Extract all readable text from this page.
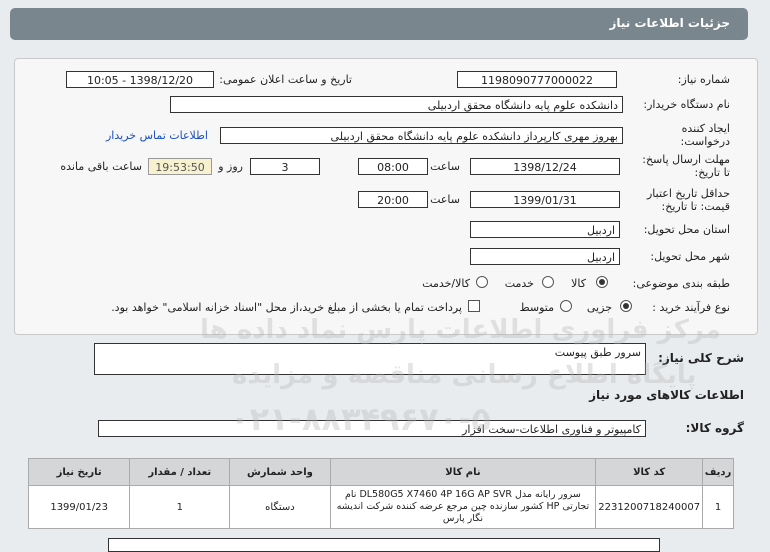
جزئیات اطلاعات نیاز
شماره نیاز:
1198090777000022
تاریخ و ساعت اعلان عمومی:
1398/12/20 - 10:05
نام دستگاه خریدار:
دانشکده علوم پایه دانشگاه محقق اردبیلی
ایجاد کننده
درخواست:
بهروز مهری کارپرداز دانشکده علوم پایه دانشگاه محقق اردبیلی
اطلاعات تماس خریدار
مهلت ارسال پاسخ:
تا تاریخ:
1398/12/24
ساعت
08:00
3
روز و
19:53:50
ساعت باقی مانده
حداقل تاریخ اعتبار
قیمت: تا تاریخ:
1399/01/31
ساعت
20:00
استان محل تحویل:
اردبیل
شهر محل تحویل:
اردبیل
طبقه بندی موضوعی:
کالا
خدمت
کالا/خدمت
نوع فرآیند خرید :
جزیی
متوسط
پرداخت تمام یا بخشی از مبلغ خرید،از محل "اسناد خزانه اسلامی" خواهد بود.
شرح کلی نیاز:
سرور طبق پیوست
اطلاعات کالاهای مورد نیاز
گروه کالا:
کامپیوتر و فناوری اطلاعات-سخت افزار
ردیف	کد کالا	نام کالا	واحد شمارش	تعداد / مقدار	تاریخ نیاز
1	2231200718240007	سرور رایانه مدل DL580G5 X7460 4P 16G AP SVR نام تجارتی HP کشور سازنده چین مرجع عرضه کننده شرکت اندیشه نگار پارس	دستگاه	1	1399/01/23
مرکز فراوری اطلاعات پارس نماد داده ها
پایگاه اطلاع رسانی مناقصه و مزایده
۰۲۱-۸۸۳۴۹۶۷۰-۵
